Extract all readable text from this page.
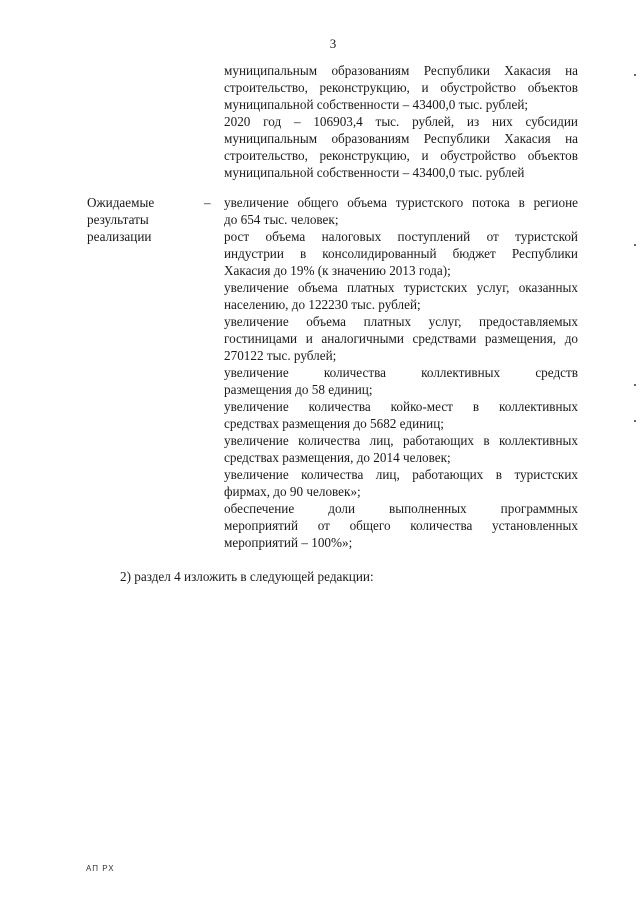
3
муниципальным образованиям Республики Хакасия на
строительство, реконструкцию, и обустройство объектов
муниципальной собственности – 43400,0 тыс. рублей;
2020 год – 106903,4 тыс. рублей, из них субсидии
муниципальным образованиям Республики Хакасия на
строительство, реконструкцию, и обустройство объектов
муниципальной собственности – 43400,0 тыс. рублей
Ожидаемые
результаты
реализации
– увеличение общего объема туристского потока в регионе
до 654 тыс. человек;
рост объема налоговых поступлений от туристской
индустрии в консолидированный бюджет Республики
Хакасия до 19% (к значению 2013 года);
увеличение объема платных туристских услуг, оказанных
населению, до 122230 тыс. рублей;
увеличение объема платных услуг, предоставляемых
гостиницами и аналогичными средствами размещения, до
270122 тыс. рублей;
увеличение количества коллективных средств
размещения до 58 единиц;
увеличение количества койко-мест в коллективных
средствах размещения до 5682 единиц;
увеличение количества лиц, работающих в коллективных
средствах размещения, до 2014 человек;
увеличение количества лиц, работающих в туристских
фирмах, до 90 человек»;
обеспечение доли выполненных программных
мероприятий от общего количества установленных
мероприятий – 100%»;
2) раздел 4 изложить в следующей редакции:
АП РХ
